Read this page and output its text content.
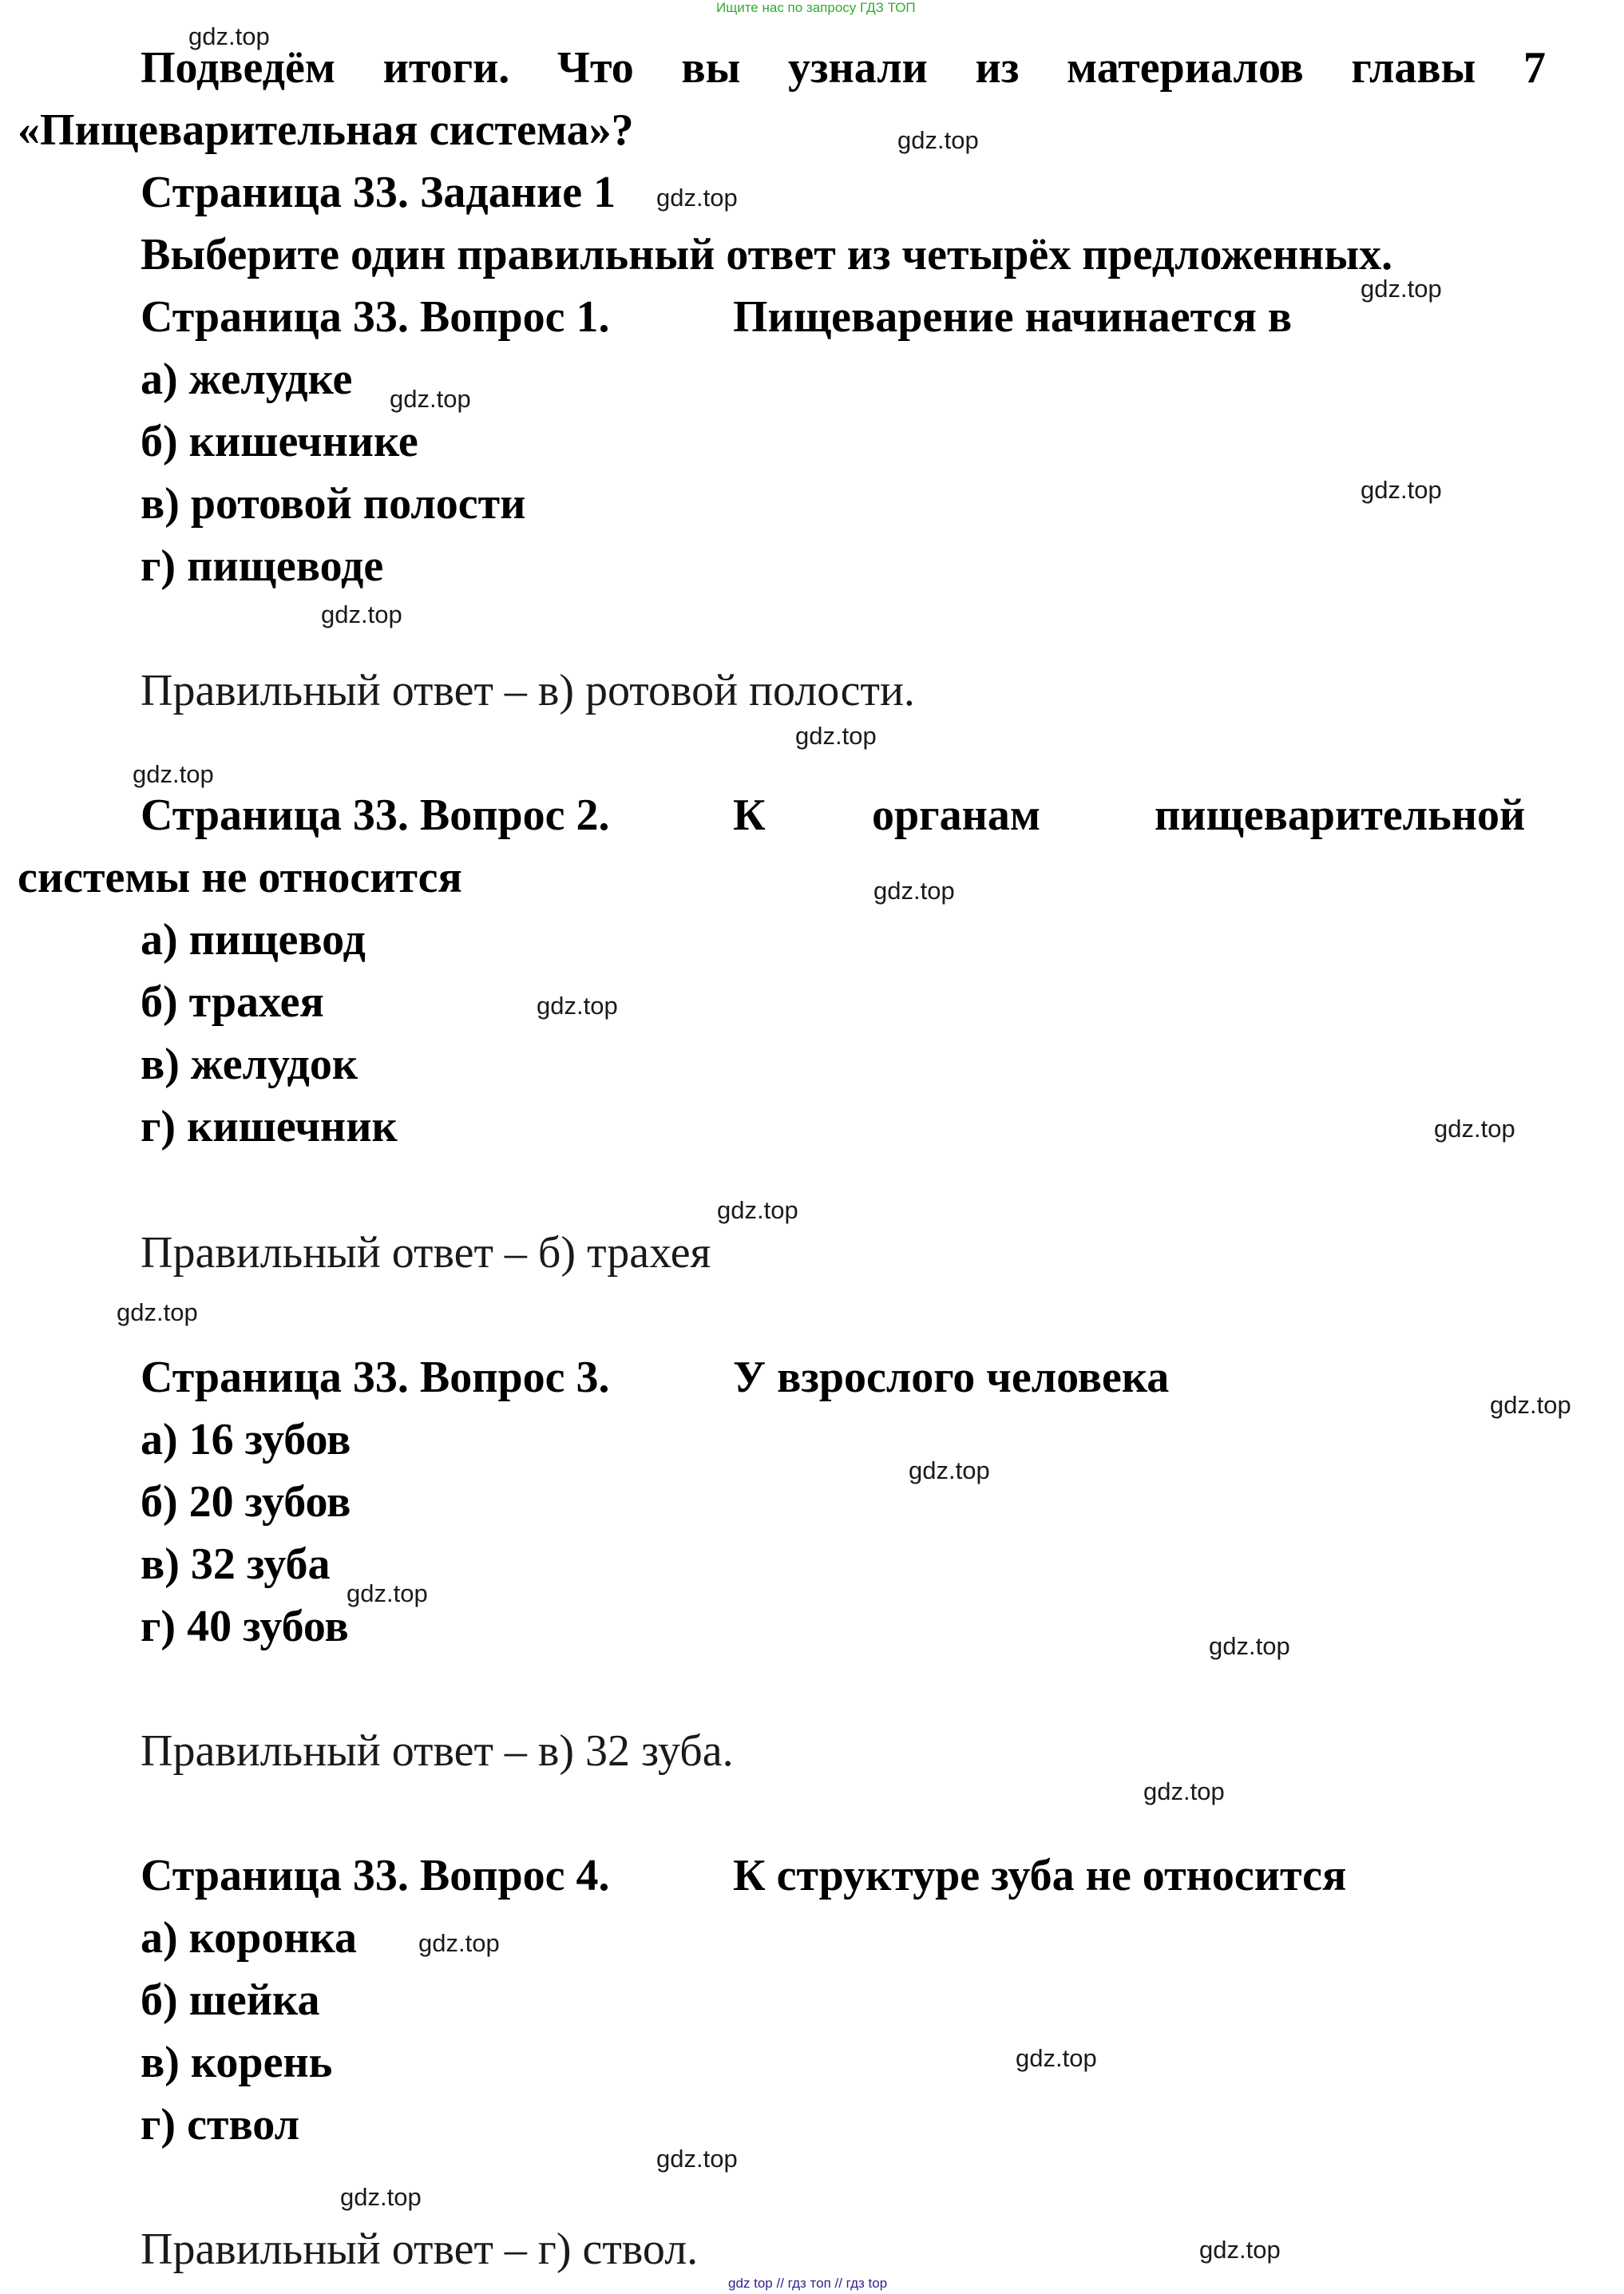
Ищите нас по запросу ГДЗ ТОП
Подведём итоги. Что вы узнали из материалов главы 7
«Пищеварительная система»?
Страница 33. Задание 1
Выберите один правильный ответ из четырёх предложенных.
Страница 33. Вопрос 1.	Пищеварение начинается в
а) желудке
б) кишечнике
в) ротовой полости
г) пищеводе
Правильный ответ – в) ротовой полости.
Страница 33. Вопрос 2.	К органам	пищеварительной
системы не относится
а) пищевод
б) трахея
в) желудок
г) кишечник
Правильный ответ – б) трахея
Страница 33. Вопрос 3.	У взрослого человека
а) 16 зубов
б) 20 зубов
в) 32 зуба
г) 40 зубов
Правильный ответ – в) 32 зуба.
Страница 33. Вопрос 4.	К структуре зуба не относится
а) коронка
б) шейка
в) корень
г) ствол
Правильный ответ – г) ствол.
gdz.top
gdz.top
gdz.top
gdz.top
gdz.top
gdz.top
gdz.top
gdz.top
gdz.top
gdz.top
gdz.top
gdz.top
gdz.top
gdz.top
gdz.top
gdz.top
gdz.top
gdz.top
gdz.top
gdz.top
gdz.top
gdz.top
gdz.top
gdz.top
gdz top // гдз топ // гдз top
